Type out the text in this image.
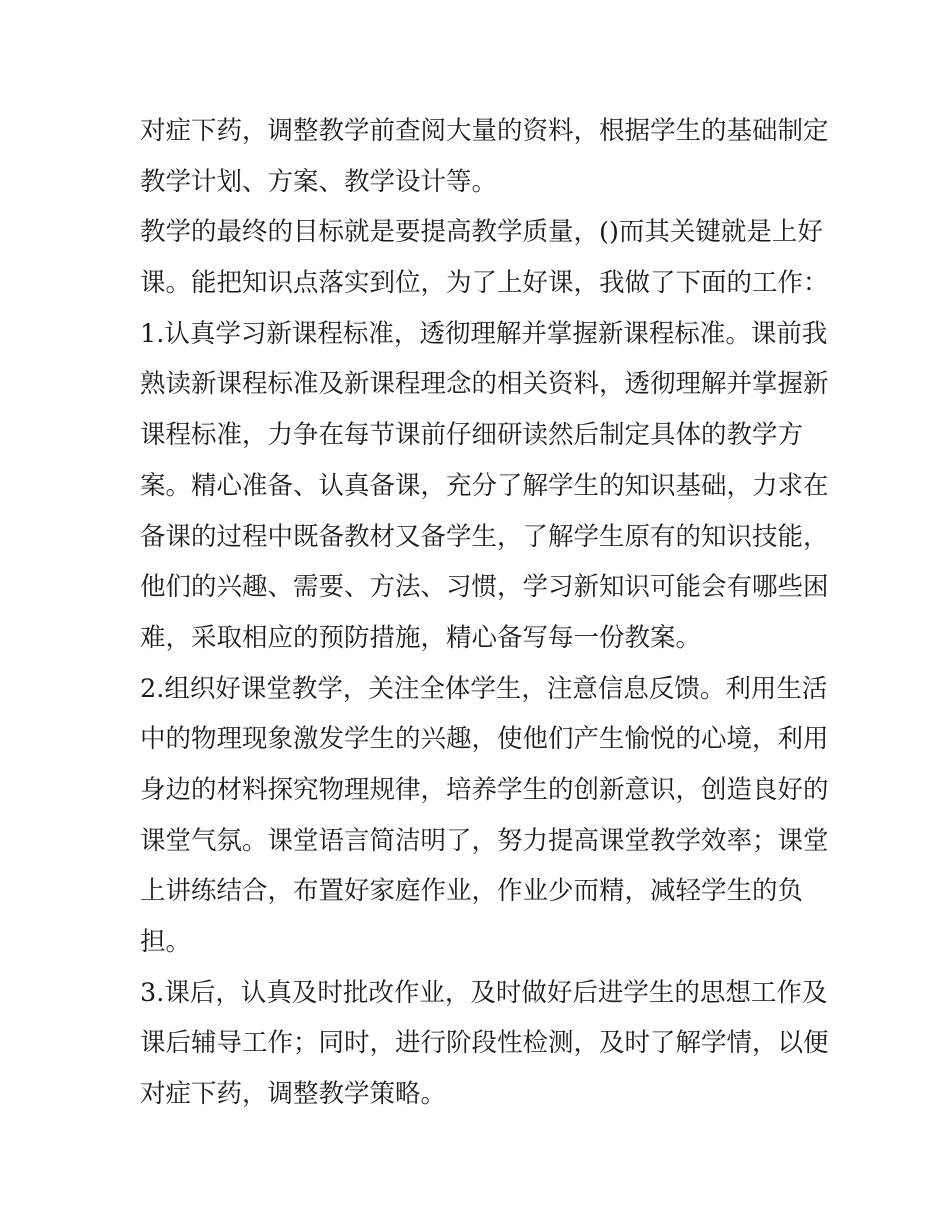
对症下药，调整教学前查阅大量的资料，根据学生的基础制定
教学计划、方案、教学设计等。

教学的最终的目标就是要提高教学质量，()而其关键就是上好
课。能把知识点落实到位，为了上好课，我做了下面的工作：

1.认真学习新课程标准，透彻理解并掌握新课程标准。课前我
熟读新课程标准及新课程理念的相关资料，透彻理解并掌握新
课程标准，力争在每节课前仔细研读然后制定具体的教学方
案。精心准备、认真备课，充分了解学生的知识基础，力求在
备课的过程中既备教材又备学生，了解学生原有的知识技能，
他们的兴趣、需要、方法、习惯，学习新知识可能会有哪些困
难，采取相应的预防措施，精心备写每一份教案。

2.组织好课堂教学，关注全体学生，注意信息反馈。利用生活
中的物理现象激发学生的兴趣，使他们产生愉悦的心境，利用
身边的材料探究物理规律，培养学生的创新意识，创造良好的
课堂气氛。课堂语言简洁明了，努力提高课堂教学效率；课堂
上讲练结合，布置好家庭作业，作业少而精，减轻学生的负
担。

3.课后，认真及时批改作业，及时做好后进学生的思想工作及
课后辅导工作；同时，进行阶段性检测，及时了解学情，以便
对症下药，调整教学策略。
